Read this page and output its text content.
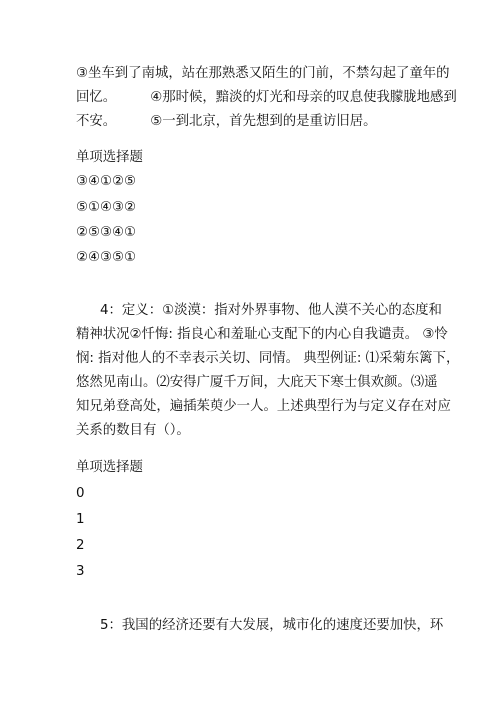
③坐车到了南城，站在那熟悉又陌生的门前，不禁勾起了童年的
回忆。        ④那时候，黯淡的灯光和母亲的叹息使我朦胧地感到
不安。        ⑤一到北京，首先想到的是重访旧居。
单项选择题
③④①②⑤
⑤①④③②
②⑤③④①
②④③⑤①
4：定义：①淡漠：指对外界事物、他人漠不关心的态度和
精神状况②忏悔: 指良心和羞耻心支配下的内心自我谴责。 ③怜
悯: 指对他人的不幸表示关切、同情。 典型例证: ⑴采菊东篱下，
悠然见南山。⑵安得广厦千万间，大庇天下寒士俱欢颜。⑶遥
知兄弟登高处，遍插茱萸少一人。上述典型行为与定义存在对应
关系的数目有（）。
单项选择题
0
1
2
3
5：我国的经济还要有大发展，城市化的速度还要加快，环
